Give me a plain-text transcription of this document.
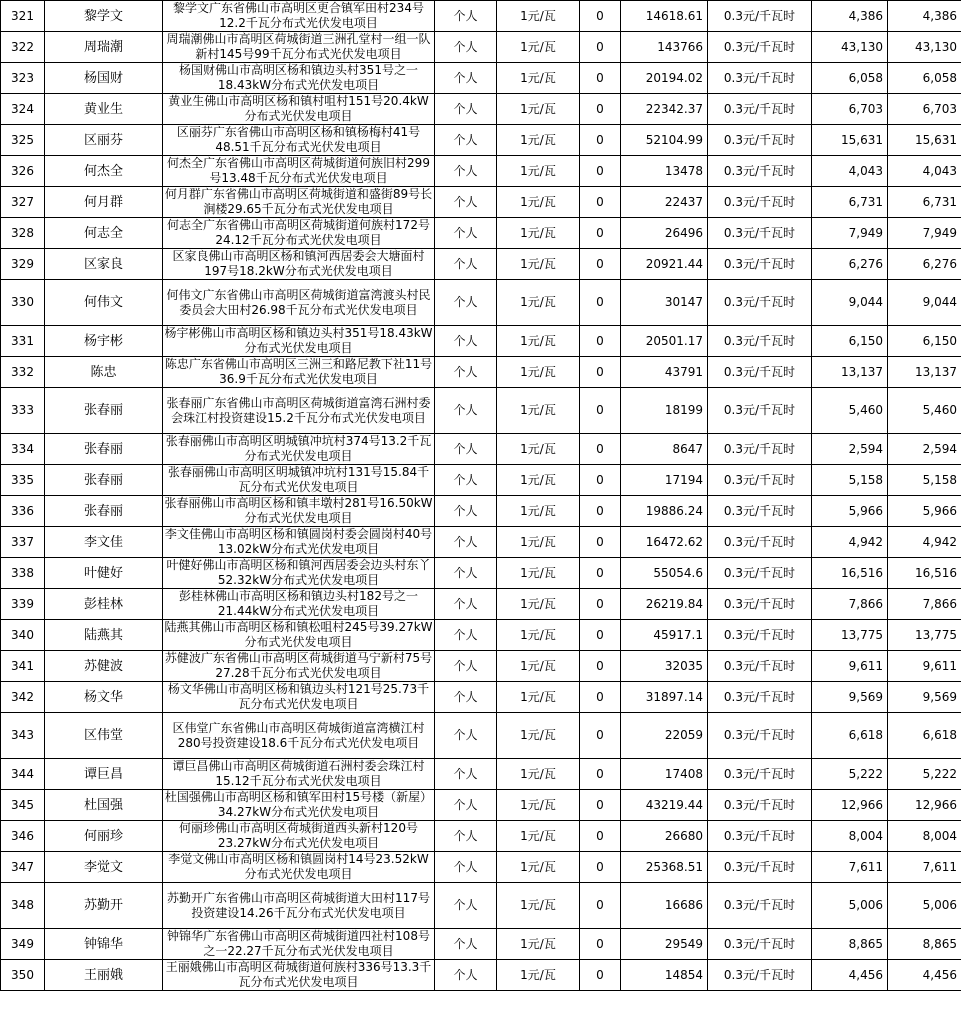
321	黎学文	黎学文广东省佛山市高明区更合镇军田村234号12.2千瓦分布式光伏发电项目	个人	1元/瓦	0	14618.61	0.3元/千瓦时	4,386	4,386
322	周瑞潮	周瑞潮佛山市高明区荷城街道三洲孔堂村一组一队新村145号99千瓦分布式光伏发电项目	个人	1元/瓦	0	143766	0.3元/千瓦时	43,130	43,130
323	杨国财	杨国财佛山市高明区杨和镇边头村351号之一18.43kW分布式光伏发电项目	个人	1元/瓦	0	20194.02	0.3元/千瓦时	6,058	6,058
324	黄业生	黄业生佛山市高明区杨和镇村咀村151号20.4kW分布式光伏发电项目	个人	1元/瓦	0	22342.37	0.3元/千瓦时	6,703	6,703
325	区丽芬	区丽芬广东省佛山市高明区杨和镇杨梅村41号48.51千瓦分布式光伏发电项目	个人	1元/瓦	0	52104.99	0.3元/千瓦时	15,631	15,631
326	何杰全	何杰全广东省佛山市高明区荷城街道何族旧村299号13.48千瓦分布式光伏发电项目	个人	1元/瓦	0	13478	0.3元/千瓦时	4,043	4,043
327	何月群	何月群广东省佛山市高明区荷城街道和盛街89号长涧楼29.65千瓦分布式光伏发电项目	个人	1元/瓦	0	22437	0.3元/千瓦时	6,731	6,731
328	何志全	何志全广东省佛山市高明区荷城街道何族村172号24.12千瓦分布式光伏发电项目	个人	1元/瓦	0	26496	0.3元/千瓦时	7,949	7,949
329	区家良	区家良佛山市高明区杨和镇河西居委会大塘面村197号18.2kW分布式光伏发电项目	个人	1元/瓦	0	20921.44	0.3元/千瓦时	6,276	6,276
330	何伟文	何伟文广东省佛山市高明区荷城街道富湾渡头村民委员会大田村26.98千瓦分布式光伏发电项目	个人	1元/瓦	0	30147	0.3元/千瓦时	9,044	9,044
331	杨宇彬	杨宇彬佛山市高明区杨和镇边头村351号18.43kW分布式光伏发电项目	个人	1元/瓦	0	20501.17	0.3元/千瓦时	6,150	6,150
332	陈忠	陈忠广东省佛山市高明区三洲三和路尼教下社11号36.9千瓦分布式光伏发电项目	个人	1元/瓦	0	43791	0.3元/千瓦时	13,137	13,137
333	张春丽	张春丽广东省佛山市高明区荷城街道富湾石洲村委会珠江村投资建设15.2千瓦分布式光伏发电项目	个人	1元/瓦	0	18199	0.3元/千瓦时	5,460	5,460
334	张春丽	张春丽佛山市高明区明城镇冲坑村374号13.2千瓦分布式光伏发电项目	个人	1元/瓦	0	8647	0.3元/千瓦时	2,594	2,594
335	张春丽	张春丽佛山市高明区明城镇冲坑村131号15.84千瓦分布式光伏发电项目	个人	1元/瓦	0	17194	0.3元/千瓦时	5,158	5,158
336	张春丽	张春丽佛山市高明区杨和镇丰墩村281号16.50kW分布式光伏发电项目	个人	1元/瓦	0	19886.24	0.3元/千瓦时	5,966	5,966
337	李文佳	李文佳佛山市高明区杨和镇圆岗村委会圆岗村40号13.02kW分布式光伏发电项目	个人	1元/瓦	0	16472.62	0.3元/千瓦时	4,942	4,942
338	叶健好	叶健好佛山市高明区杨和镇河西居委会边头村东丫52.32kW分布式光伏发电项目	个人	1元/瓦	0	55054.6	0.3元/千瓦时	16,516	16,516
339	彭桂林	彭桂林佛山市高明区杨和镇边头村182号之一21.44kW分布式光伏发电项目	个人	1元/瓦	0	26219.84	0.3元/千瓦时	7,866	7,866
340	陆燕其	陆燕其佛山市高明区杨和镇松咀村245号39.27kW分布式光伏发电项目	个人	1元/瓦	0	45917.1	0.3元/千瓦时	13,775	13,775
341	苏健波	苏健波广东省佛山市高明区荷城街道马宁新村75号27.28千瓦分布式光伏发电项目	个人	1元/瓦	0	32035	0.3元/千瓦时	9,611	9,611
342	杨文华	杨文华佛山市高明区杨和镇边头村121号25.73千瓦分布式光伏发电项目	个人	1元/瓦	0	31897.14	0.3元/千瓦时	9,569	9,569
343	区伟堂	区伟堂广东省佛山市高明区荷城街道富湾横江村280号投资建设18.6千瓦分布式光伏发电项目	个人	1元/瓦	0	22059	0.3元/千瓦时	6,618	6,618
344	谭巨昌	谭巨昌佛山市高明区荷城街道石洲村委会珠江村15.12千瓦分布式光伏发电项目	个人	1元/瓦	0	17408	0.3元/千瓦时	5,222	5,222
345	杜国强	杜国强佛山市高明区杨和镇军田村15号楼（新屋）34.27kW分布式光伏发电项目	个人	1元/瓦	0	43219.44	0.3元/千瓦时	12,966	12,966
346	何丽珍	何丽珍佛山市高明区荷城街道西头新村120号23.27kW分布式光伏发电项目	个人	1元/瓦	0	26680	0.3元/千瓦时	8,004	8,004
347	李觉文	李觉文佛山市高明区杨和镇圆岗村14号23.52kW分布式光伏发电项目	个人	1元/瓦	0	25368.51	0.3元/千瓦时	7,611	7,611
348	苏勤开	苏勤开广东省佛山市高明区荷城街道大田村117号投资建设14.26千瓦分布式光伏发电项目	个人	1元/瓦	0	16686	0.3元/千瓦时	5,006	5,006
349	钟锦华	钟锦华广东省佛山市高明区荷城街道四社村108号之一22.27千瓦分布式光伏发电项目	个人	1元/瓦	0	29549	0.3元/千瓦时	8,865	8,865
350	王丽娥	王丽娥佛山市高明区荷城街道何族村336号13.3千瓦分布式光伏发电项目	个人	1元/瓦	0	14854	0.3元/千瓦时	4,456	4,456
